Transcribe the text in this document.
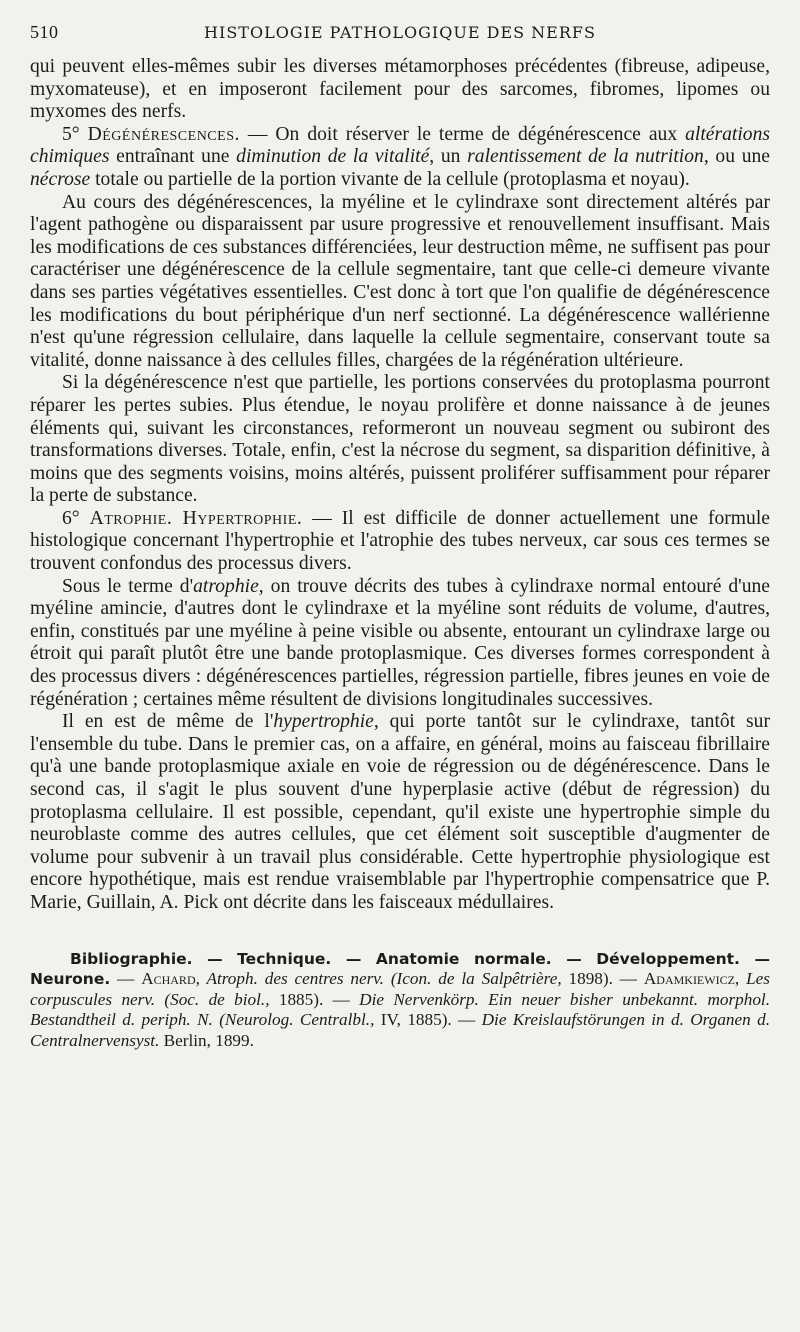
510	HISTOLOGIE PATHOLOGIQUE DES NERFS

qui peuvent elles-mêmes subir les diverses métamorphoses précédentes (fibreuse, adipeuse, myxomateuse), et en imposeront facilement pour des sarcomes, fibromes, lipomes ou myxomes des nerfs.

5° Dégénérescences. — On doit réserver le terme de dégénérescence aux altérations chimiques entraînant une diminution de la vitalité, un ralentissement de la nutrition, ou une nécrose totale ou partielle de la portion vivante de la cellule (protoplasma et noyau).

Au cours des dégénérescences, la myéline et le cylindraxe sont directement altérés par l'agent pathogène ou disparaissent par usure progressive et renouvellement insuffisant. Mais les modifications de ces substances différenciées, leur destruction même, ne suffisent pas pour caractériser une dégénérescence de la cellule segmentaire, tant que celle-ci demeure vivante dans ses parties végétatives essentielles. C'est donc à tort que l'on qualifie de dégénérescence les modifications du bout périphérique d'un nerf sectionné. La dégénérescence wallérienne n'est qu'une régression cellulaire, dans laquelle la cellule segmentaire, conservant toute sa vitalité, donne naissance à des cellules filles, chargées de la régénération ultérieure.

Si la dégénérescence n'est que partielle, les portions conservées du protoplasma pourront réparer les pertes subies. Plus étendue, le noyau prolifère et donne naissance à de jeunes éléments qui, suivant les circonstances, reformeront un nouveau segment ou subiront des transformations diverses. Totale, enfin, c'est la nécrose du segment, sa disparition définitive, à moins que des segments voisins, moins altérés, puissent proliférer suffisamment pour réparer la perte de substance.

6° Atrophie. Hypertrophie. — Il est difficile de donner actuellement une formule histologique concernant l'hypertrophie et l'atrophie des tubes nerveux, car sous ces termes se trouvent confondus des processus divers.

Sous le terme d'atrophie, on trouve décrits des tubes à cylindraxe normal entouré d'une myéline amincie, d'autres dont le cylindraxe et la myéline sont réduits de volume, d'autres, enfin, constitués par une myéline à peine visible ou absente, entourant un cylindraxe large ou étroit qui paraît plutôt être une bande protoplasmique. Ces diverses formes correspondent à des processus divers : dégénérescences partielles, régression partielle, fibres jeunes en voie de régénération ; certaines même résultent de divisions longitudinales successives.

Il en est de même de l'hypertrophie, qui porte tantôt sur le cylindraxe, tantôt sur l'ensemble du tube. Dans le premier cas, on a affaire, en général, moins au faisceau fibrillaire qu'à une bande protoplasmique axiale en voie de régression ou de dégénérescence. Dans le second cas, il s'agit le plus souvent d'une hyperplasie active (début de régression) du protoplasma cellulaire. Il est possible, cependant, qu'il existe une hypertrophie simple du neuroblaste comme des autres cellules, que cet élément soit susceptible d'augmenter de volume pour subvenir à un travail plus considérable. Cette hypertrophie physiologique est encore hypothétique, mais est rendue vraisemblable par l'hypertrophie compensatrice que P. Marie, Guillain, A. Pick ont décrite dans les faisceaux médullaires.

Bibliographie. — Technique. — Anatomie normale. — Développement. — Neurone. — Achard, Atroph. des centres nerv. (Icon. de la Salpêtrière, 1898). — Adamkiewicz, Les corpuscules nerv. (Soc. de biol., 1885). — Die Nervenkörp. Ein neuer bisher unbekannt. morphol. Bestandtheil d. periph. N. (Neurolog. Centralbl., IV, 1885). — Die Kreislaufstörungen in d. Organen d. Centralnervensyst. Berlin, 1899.
